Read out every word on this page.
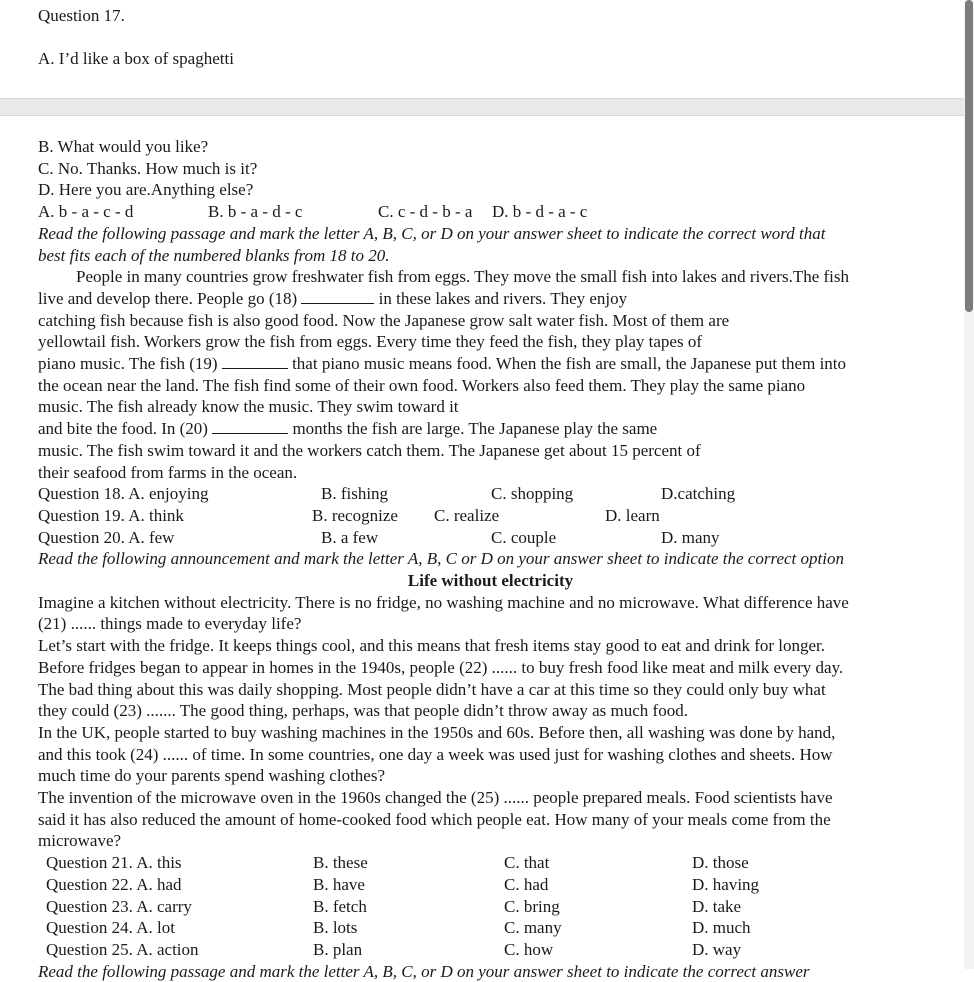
Question 17.
A. I’d like a box of spaghetti
B. What would you like?
C. No. Thanks. How much is it?
D. Here you are.Anything else?
A. b - a - c - d	B. b - a - d - c	C. c - d - b - a D. b - d - a - c
Read the following passage and mark the letter A, B, C, or D on your answer sheet to indicate the correct word that
best fits each of the numbered blanks from 18 to 20.
People in many countries grow freshwater fish from eggs. They move the small fish into lakes and rivers.The fish
live and develop there. People go (18)	in these lakes and rivers. They enjoy
catching fish because fish is also good food. Now the Japanese grow salt water fish. Most of them are
yellowtail fish. Workers grow the fish from eggs. Every time they feed the fish, they play tapes of
piano music. The fish (19)	that piano music means food. When the fish are small, the Japanese put them into
the ocean near the land. The fish find some of their own food. Workers also feed them. They play the same piano
music. The fish already know the music. They swim toward it
and bite the food. In (20)	months the fish are large. The Japanese play the same
music. The fish swim toward it and the workers catch them. The Japanese get about 15 percent of
their seafood from farms in the ocean.
Question 18. A. enjoying	B. fishing	C. shopping	D.catching
Question 19. A. think	B. recognize C. realize	D. learn
Question 20. A. few	B. a few	C. couple	D. many
Read the following announcement and mark the letter A, B, C or D on your answer sheet to indicate the correct option
Life without electricity
Imagine a kitchen without electricity. There is no fridge, no washing machine and no microwave. What difference have
(21) ...... things made to everyday life?
Let’s start with the fridge. It keeps things cool, and this means that fresh items stay good to eat and drink for longer.
Before fridges began to appear in homes in the 1940s, people (22) ...... to buy fresh food like meat and milk every day.
The bad thing about this was daily shopping. Most people didn’t have a car at this time so they could only buy what
they could (23) ....... The good thing, perhaps, was that people didn’t throw away as much food.
In the UK, people started to buy washing machines in the 1950s and 60s. Before then, all washing was done by hand,
and this took (24) ...... of time. In some countries, one day a week was used just for washing clothes and sheets. How
much time do your parents spend washing clothes?
The invention of the microwave oven in the 1960s changed the (25) ...... people prepared meals. Food scientists have
said it has also reduced the amount of home-cooked food which people eat. How many of your meals come from the
microwave?
Question 21. A. this	B. these	C. that	D. those
Question 22. A. had	B. have	C. had	D. having
Question 23. A. carry	B. fetch	C. bring	D. take
Question 24. A. lot	B. lots	C. many	D. much
Question 25. A. action	B. plan	C. how	D. way
Read the following passage and mark the letter A, B, C, or D on your answer sheet to indicate the correct answer
